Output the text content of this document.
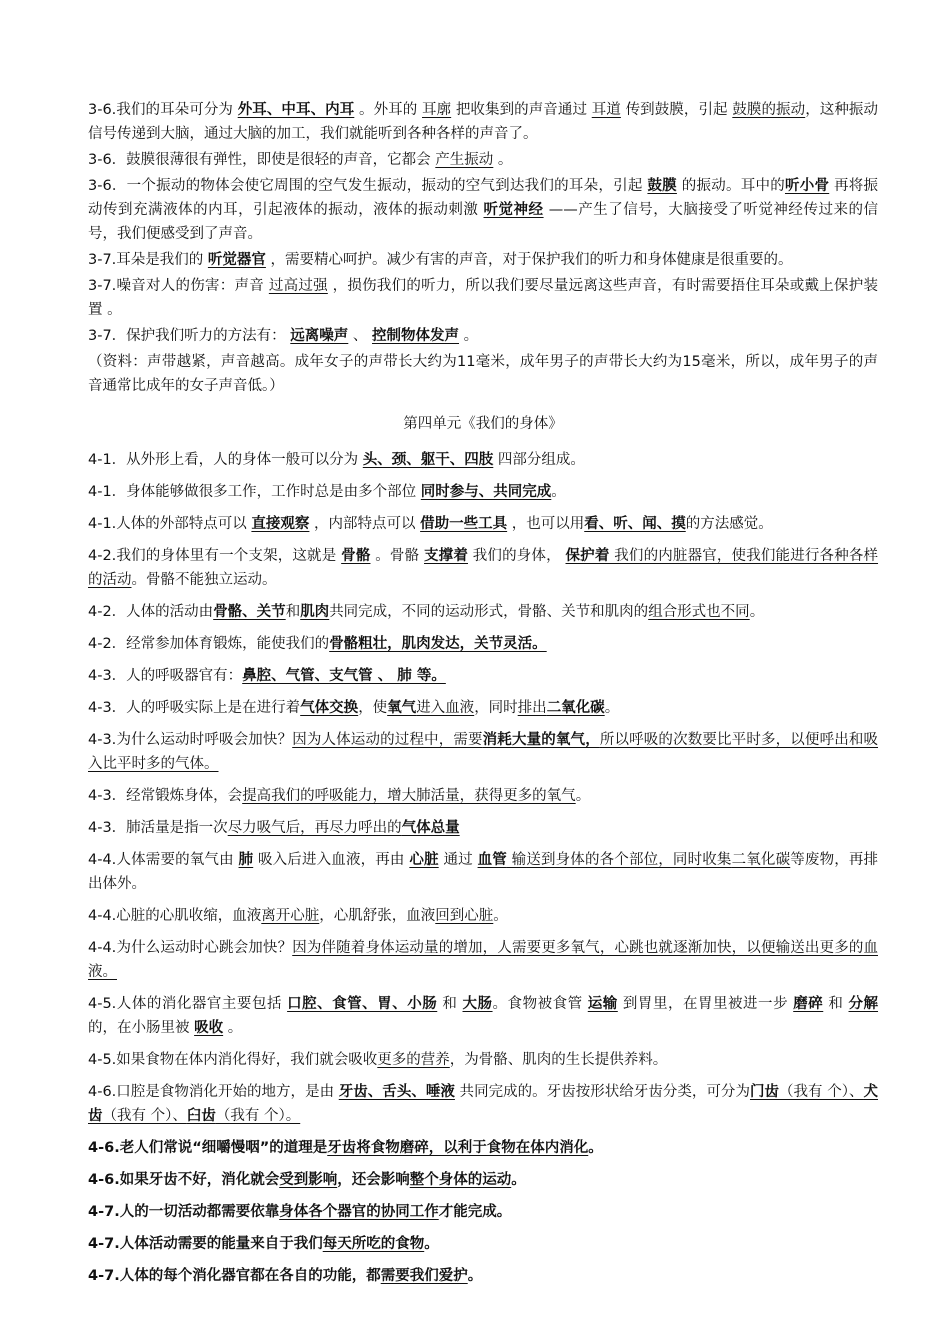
3-6.我们的耳朵可分为 外耳、中耳、内耳 。外耳的 耳廓 把收集到的声音通过 耳道 传到鼓膜，引起 鼓膜的振动，这种振动信号传递到大脑，通过大脑的加工，我们就能听到各种各样的声音了。

3-6．鼓膜很薄很有弹性，即使是很轻的声音，它都会 产生振动 。

3-6．一个振动的物体会使它周围的空气发生振动，振动的空气到达我们的耳朵，引起 鼓膜 的振动。耳中的听小骨 再将振动传到充满液体的内耳，引起液体的振动，液体的振动刺激 听觉神经 ——产生了信号，大脑接受了听觉神经传过来的信号，我们便感受到了声音。

3-7.耳朵是我们的 听觉器官 ，需要精心呵护。减少有害的声音，对于保护我们的听力和身体健康是很重要的。

3-7.噪音对人的伤害：声音 过高过强 ，损伤我们的听力，所以我们要尽量远离这些声音，有时需要捂住耳朵或戴上保护装置 。

3-7．保护我们听力的方法有： 远离噪声 、 控制物体发声 。

（资料：声带越紧，声音越高。成年女子的声带长大约为11毫米，成年男子的声带长大约为15毫米，所以，成年男子的声音通常比成年的女子声音低。）

第四单元《我们的身体》

4-1．从外形上看，人的身体一般可以分为 头、颈、躯干、四肢 四部分组成。

4-1．身体能够做很多工作，工作时总是由多个部位 同时参与、共同完成。

4-1.人体的外部特点可以 直接观察 ，内部特点可以 借助一些工具 ，也可以用看、听、闻、摸的方法感觉。

4-2.我们的身体里有一个支架，这就是 骨骼 。骨骼 支撑着 我们的身体， 保护着 我们的内脏器官，使我们能进行各种各样的活动。骨骼不能独立运动。

4-2．人体的活动由骨骼、关节和肌肉共同完成，不同的运动形式，骨骼、关节和肌肉的组合形式也不同。

4-2．经常参加体育锻炼，能使我们的骨骼粗壮，肌肉发达，关节灵活。

4-3．人的呼吸器官有：鼻腔、气管、支气管 、 肺 等。

4-3．人的呼吸实际上是在进行着气体交换，使氧气进入血液，同时排出二氧化碳。

4-3.为什么运动时呼吸会加快？因为人体运动的过程中，需要消耗大量的氧气，所以呼吸的次数要比平时多，以便呼出和吸入比平时多的气体。

4-3．经常锻炼身体，会提高我们的呼吸能力，增大肺活量，获得更多的氧气。

4-3．肺活量是指一次尽力吸气后，再尽力呼出的气体总量

4-4.人体需要的氧气由 肺 吸入后进入血液，再由 心脏 通过 血管 输送到身体的各个部位，同时收集二氧化碳等废物，再排出体外。

4-4.心脏的心肌收缩，血液离开心脏，心肌舒张，血液回到心脏。

4-4.为什么运动时心跳会加快？因为伴随着身体运动量的增加，人需要更多氧气，心跳也就逐渐加快，以便输送出更多的血液。

4-5.人体的消化器官主要包括 口腔、食管、胃、小肠 和 大肠。食物被食管 运输 到胃里，在胃里被进一步 磨碎 和 分解 的，在小肠里被 吸收 。

4-5.如果食物在体内消化得好，我们就会吸收更多的营养，为骨骼、肌肉的生长提供养料。

4-6.口腔是食物消化开始的地方，是由 牙齿、舌头、唾液 共同完成的。牙齿按形状给牙齿分类，可分为门齿（我有 个）、犬齿（我有 个）、臼齿（我有 个）。

4-6.老人们常说“细嚼慢咽”的道理是牙齿将食物磨碎，以利于食物在体内消化。

4-6.如果牙齿不好，消化就会受到影响，还会影响整个身体的运动。

4-7.人的一切活动都需要依靠身体各个器官的协同工作才能完成。

4-7.人体活动需要的能量来自于我们每天所吃的食物。

4-7.人体的每个消化器官都在各自的功能，都需要我们爱护。
